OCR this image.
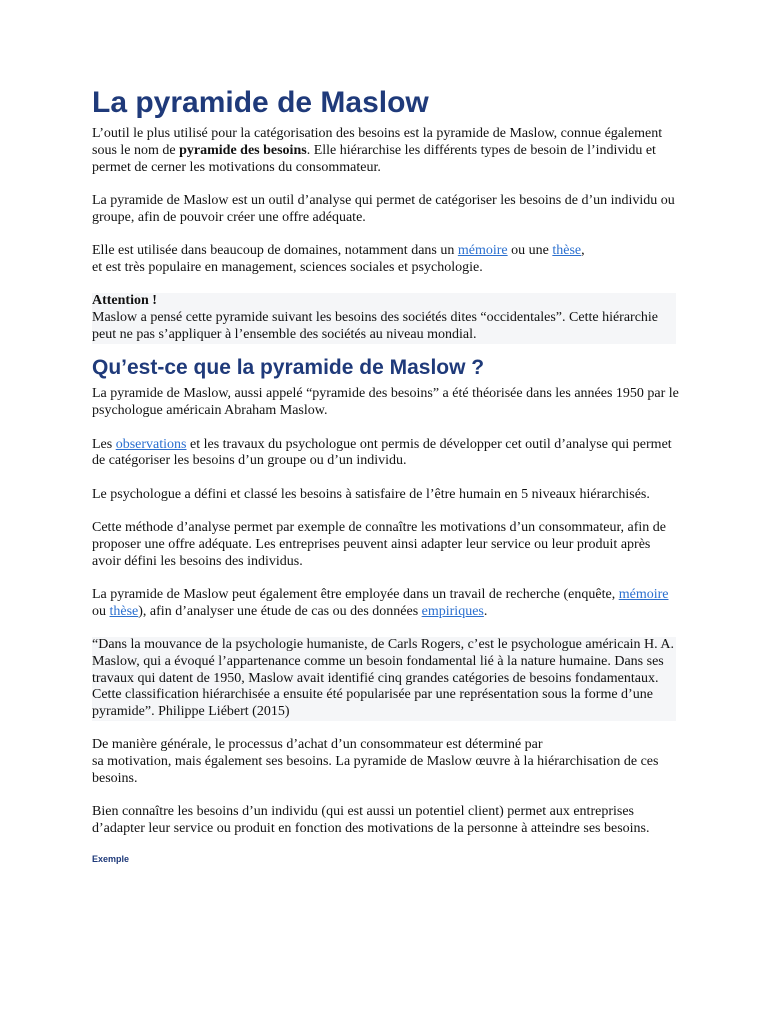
La pyramide de Maslow

L’outil le plus utilisé pour la catégorisation des besoins est la pyramide de Maslow, connue également sous le nom de pyramide des besoins. Elle hiérarchise les différents types de besoin de l’individu et permet de cerner les motivations du consommateur.

La pyramide de Maslow est un outil d’analyse qui permet de catégoriser les besoins de d’un individu ou groupe, afin de pouvoir créer une offre adéquate.

Elle est utilisée dans beaucoup de domaines, notamment dans un mémoire ou une thèse,
et est très populaire en management, sciences sociales et psychologie.

Attention !

Maslow a pensé cette pyramide suivant les besoins des sociétés dites “occidentales”. Cette hiérarchie peut ne pas s’appliquer à l’ensemble des sociétés au niveau mondial.

Qu’est-ce que la pyramide de Maslow ?

La pyramide de Maslow, aussi appelé “pyramide des besoins” a été théorisée dans les années 1950 par le psychologue américain Abraham Maslow.

Les observations et les travaux du psychologue ont permis de développer cet outil d’analyse qui permet de catégoriser les besoins d’un groupe ou d’un individu.

Le psychologue a défini et classé les besoins à satisfaire de l’être humain en 5 niveaux hiérarchisés.

Cette méthode d’analyse permet par exemple de connaître les motivations d’un consommateur, afin de proposer une offre adéquate. Les entreprises peuvent ainsi adapter leur service ou leur produit après avoir défini les besoins des individus.

La pyramide de Maslow peut également être employée dans un travail de recherche (enquête, mémoire ou thèse), afin d’analyser une étude de cas ou des données empiriques.

“Dans la mouvance de la psychologie humaniste, de Carls Rogers, c’est le psychologue américain H. A. Maslow, qui a évoqué l’appartenance comme un besoin fondamental lié à la nature humaine. Dans ses travaux qui datent de 1950, Maslow avait identifié cinq grandes catégories de besoins fondamentaux. Cette classification hiérarchisée a ensuite été popularisée par une représentation sous la forme d’une pyramide”. Philippe Liébert (2015)

De manière générale, le processus d’achat d’un consommateur est déterminé par
sa motivation, mais également ses besoins. La pyramide de Maslow œuvre à la hiérarchisation de ces besoins.

Bien connaître les besoins d’un individu (qui est aussi un potentiel client) permet aux entreprises d’adapter leur service ou produit en fonction des motivations de la personne à atteindre ses besoins.

Exemple
